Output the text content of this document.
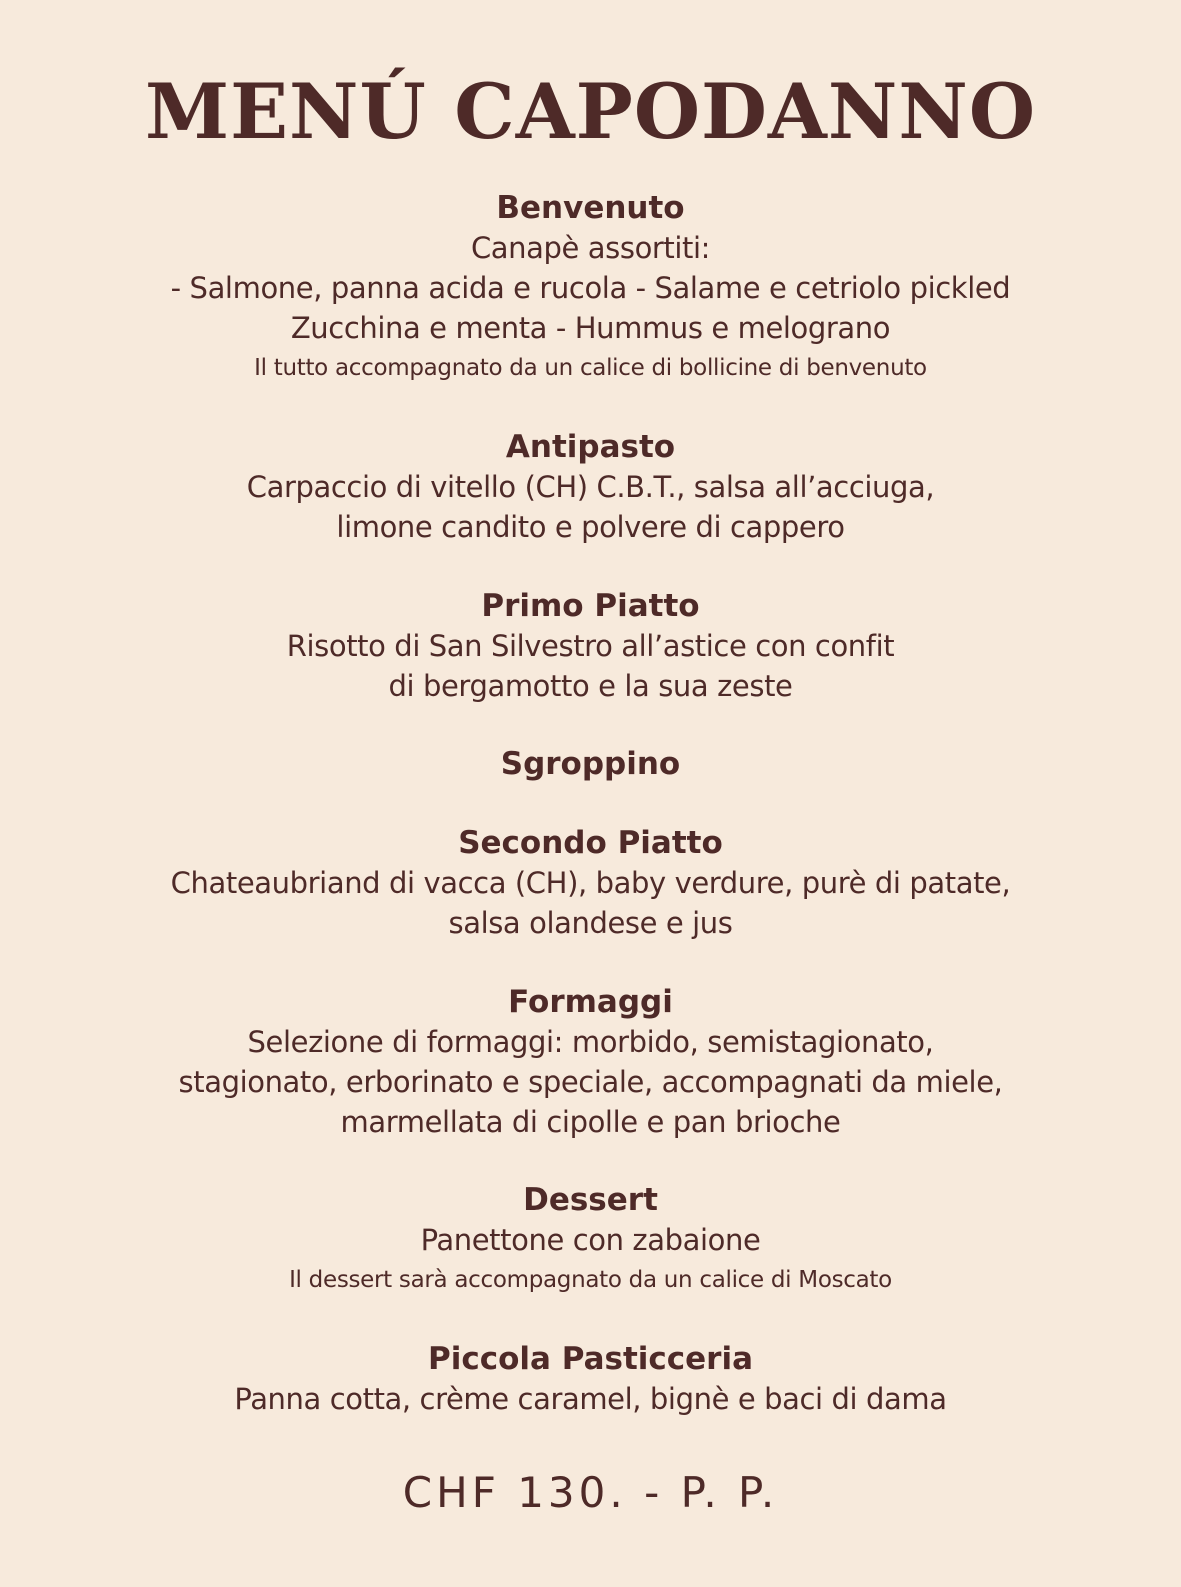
MENÚ CAPODANNO
Benvenuto
Canapè assortiti:
- Salmone, panna acida e rucola - Salame e cetriolo pickled
Zucchina e menta - Hummus e melograno
Il tutto accompagnato da un calice di bollicine di benvenuto
Antipasto
Carpaccio di vitello (CH) C.B.T., salsa all’acciuga,
limone candito e polvere di cappero
Primo Piatto
Risotto di San Silvestro all’astice con confit
di bergamotto e la sua zeste
Sgroppino
Secondo Piatto
Chateaubriand di vacca (CH), baby verdure, purè di patate,
salsa olandese e jus
Formaggi
Selezione di formaggi: morbido, semistagionato,
stagionato, erborinato e speciale, accompagnati da miele,
marmellata di cipolle e pan brioche
Dessert
Panettone con zabaione
Il dessert sarà accompagnato da un calice di Moscato
Piccola Pasticceria
Panna cotta, crème caramel, bignè e baci di dama
CHF 130. - P. P.
